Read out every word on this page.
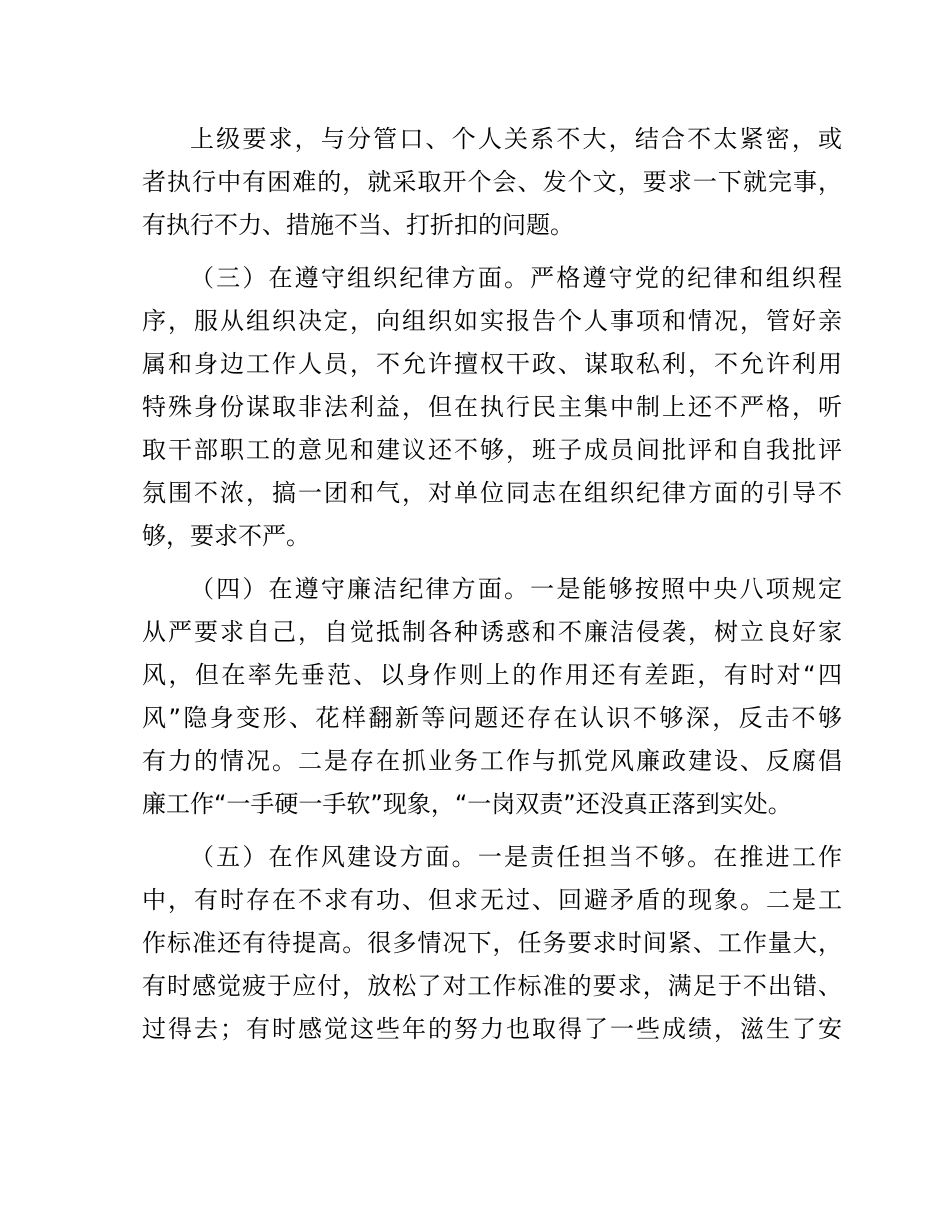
上级要求，与分管口、个人关系不大，结合不太紧密，或
者执行中有困难的，就采取开个会、发个文，要求一下就完事，
有执行不力、措施不当、打折扣的问题。
（三）在遵守组织纪律方面。严格遵守党的纪律和组织程
序，服从组织决定，向组织如实报告个人事项和情况，管好亲
属和身边工作人员，不允许擅权干政、谋取私利，不允许利用
特殊身份谋取非法利益，但在执行民主集中制上还不严格，听
取干部职工的意见和建议还不够，班子成员间批评和自我批评
氛围不浓，搞一团和气，对单位同志在组织纪律方面的引导不
够，要求不严。
（四）在遵守廉洁纪律方面。一是能够按照中央八项规定
从严要求自己，自觉抵制各种诱惑和不廉洁侵袭，树立良好家
风，但在率先垂范、以身作则上的作用还有差距，有时对“四
风”隐身变形、花样翻新等问题还存在认识不够深，反击不够
有力的情况。二是存在抓业务工作与抓党风廉政建设、反腐倡
廉工作“一手硬一手软”现象，“一岗双责”还没真正落到实处。
（五）在作风建设方面。一是责任担当不够。在推进工作
中，有时存在不求有功、但求无过、回避矛盾的现象。二是工
作标准还有待提高。很多情况下，任务要求时间紧、工作量大，
有时感觉疲于应付，放松了对工作标准的要求，满足于不出错、
过得去；有时感觉这些年的努力也取得了一些成绩，滋生了安
